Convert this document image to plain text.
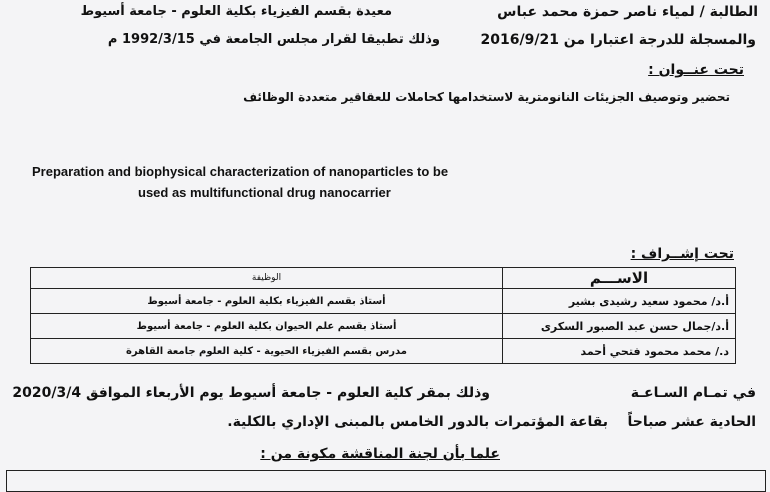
الطالبة / لمياء ناصر حمزة محمد عباس
معيدة بقسم الفيزياء بكلية العلوم - جامعة أسيوط
والمسجلة للدرجة اعتبارا من 2016/9/21
وذلك تطبيقا لقرار مجلس الجامعة في 1992/3/15 م
تحت عنــوان :
تحضير وتوصيف الجزيئات النانومترية لاستخدامها كحاملات للعقاقير متعددة الوظائف
Preparation and biophysical characterization of nanoparticles to be
used as multifunctional drug nanocarrier
تحت إشــراف :
الاســـم	الوظيفة
أ.د/ محمود سعيد رشيدى بشير	أستاذ بقسم الفيزياء بكلية العلوم - جامعة أسيوط
أ.د/جمال حسن عبد الصبور السكرى	أستاذ بقسم علم الحيوان بكلية العلوم - جامعة أسيوط
د./ محمد محمود فتحي أحمد	مدرس بقسم الفيزياء الحيوية - كلية العلوم جامعة القاهرة
وذلك بمقر كلية العلوم - جامعة أسيوط يوم الأربعاء الموافق 2020/3/4	في تمـام السـاعـة
الحادية عشر صباحاً    بقاعة المؤتمرات بالدور الخامس بالمبنى الإداري بالكلية.
علما بأن لجنة المناقشة مكونة من :
